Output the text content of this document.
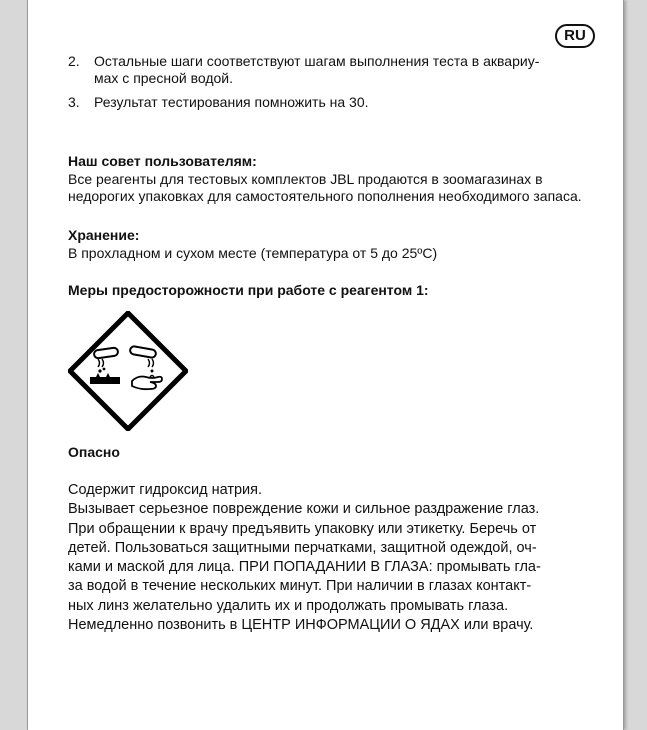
RU
2. Остальные шаги соответствуют шагам выполнения теста в аквариу-
мах с пресной водой.
3. Результат тестирования помножить на 30.

Наш совет пользователям:

Все реагенты для тестовых комплектов JBL продаются в зоомагазинах в недорогих упаковках для самостоятельного пополнения необходимого запаса.

Хранение:

В прохладном и сухом месте (температура от 5 до 25ºC)

Меры предосторожности при работе с реагентом 1:

Опасно

Содержит гидроксид натрия.

Вызывает серьезное повреждение кожи и сильное раздражение глаз.

При обращении к врачу предъявить упаковку или этикетку. Беречь от

детей. Пользоваться защитными перчатками, защитной одеждой, оч-

ками и маской для лица. ПРИ ПОПАДАНИИ В ГЛАЗА: промывать гла-

за водой в течение нескольких минут. При наличии в глазах контакт-

ных линз желательно удалить их и продолжать промывать глаза.

Немедленно позвонить в ЦЕНТР ИНФОРМАЦИИ О ЯДАХ или врачу.
